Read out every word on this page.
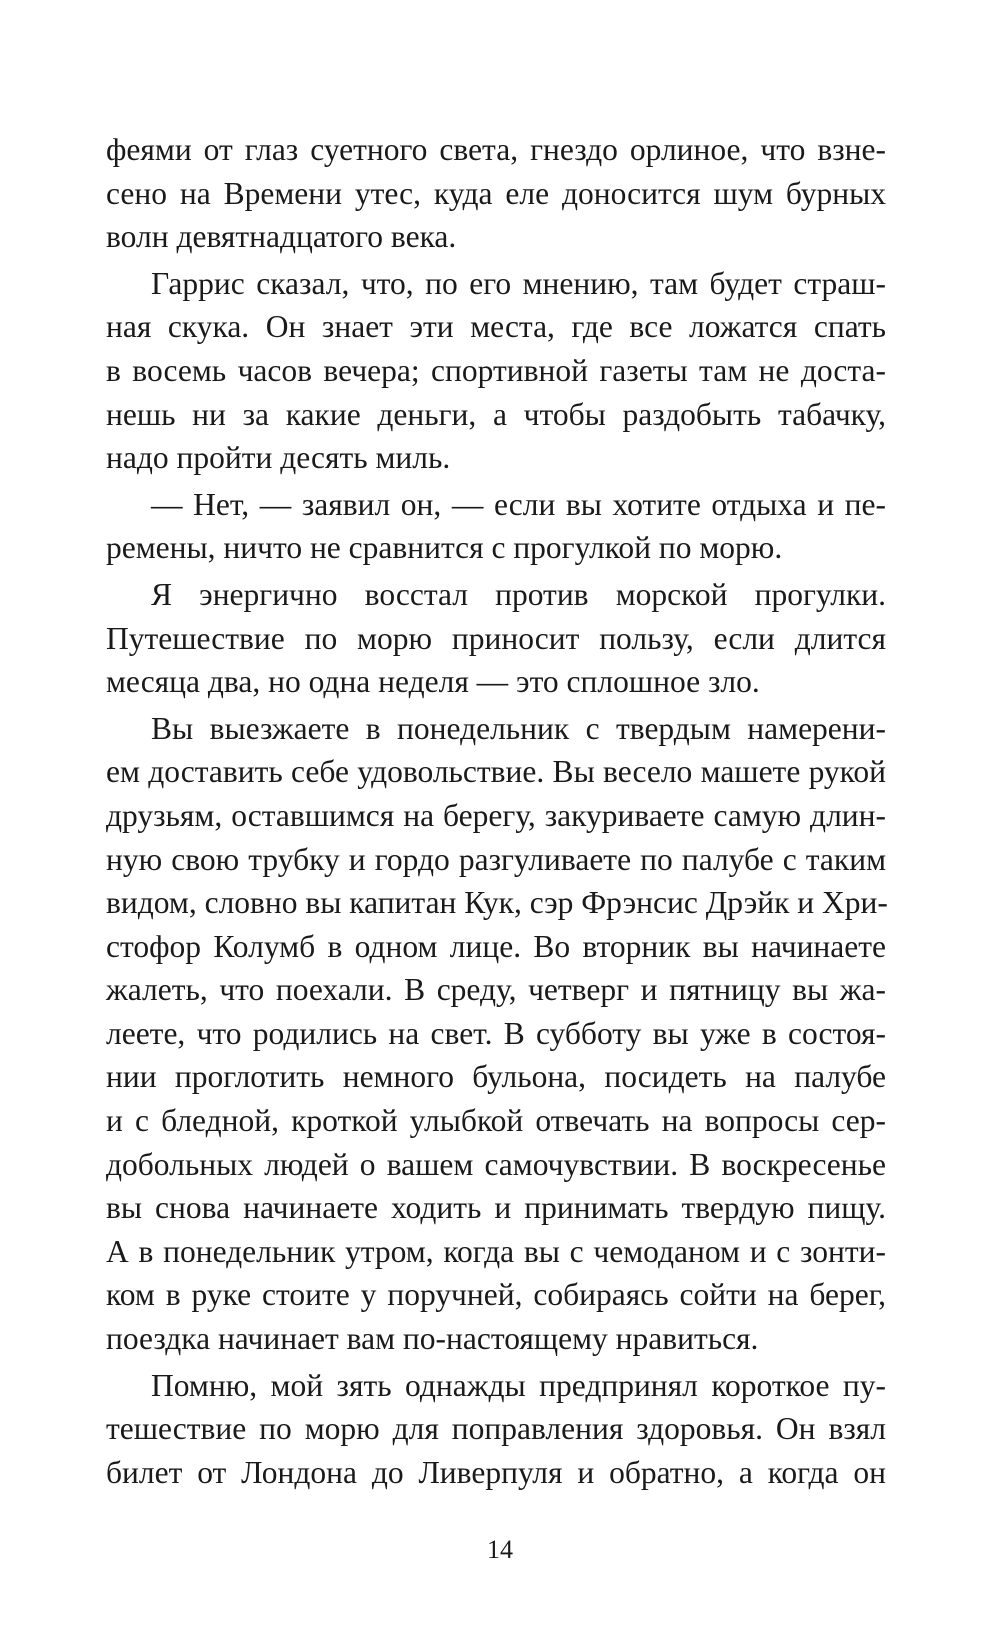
феями от глаз суетного света, гнездо орлиное, что взне-
сено на Времени утес, куда еле доносится шум бурных
волн девятнадцатого века.
Гаррис сказал, что, по его мнению, там будет страш-
ная скука. Он знает эти места, где все ложатся спать
в восемь часов вечера; спортивной газеты там не доста-
нешь ни за какие деньги, а чтобы раздобыть табачку,
надо пройти десять миль.
— Нет, — заявил он, — если вы хотите отдыха и пе-
ремены, ничто не сравнится с прогулкой по морю.
Я энергично восстал против морской прогулки.
Путешествие по морю приносит пользу, если длится
месяца два, но одна неделя — это сплошное зло.
Вы выезжаете в понедельник с твердым намерени-
ем доставить себе удовольствие. Вы весело машете рукой
друзьям, оставшимся на берегу, закуриваете самую длин-
ную свою трубку и гордо разгуливаете по палубе с таким
видом, словно вы капитан Кук, сэр Фрэнсис Дрэйк и Хри-
стофор Колумб в одном лице. Во вторник вы начинаете
жалеть, что поехали. В среду, четверг и пятницу вы жа-
леете, что родились на свет. В субботу вы уже в состоя-
нии проглотить немного бульона, посидеть на палубе
и с бледной, кроткой улыбкой отвечать на вопросы сер-
добольных людей о вашем самочувствии. В воскресенье
вы снова начинаете ходить и принимать твердую пищу.
А в понедельник утром, когда вы с чемоданом и с зонти-
ком в руке стоите у поручней, собираясь сойти на берег,
поездка начинает вам по-настоящему нравиться.
Помню, мой зять однажды предпринял короткое пу-
тешествие по морю для поправления здоровья. Он взял
билет от Лондона до Ливерпуля и обратно, а когда он
14
